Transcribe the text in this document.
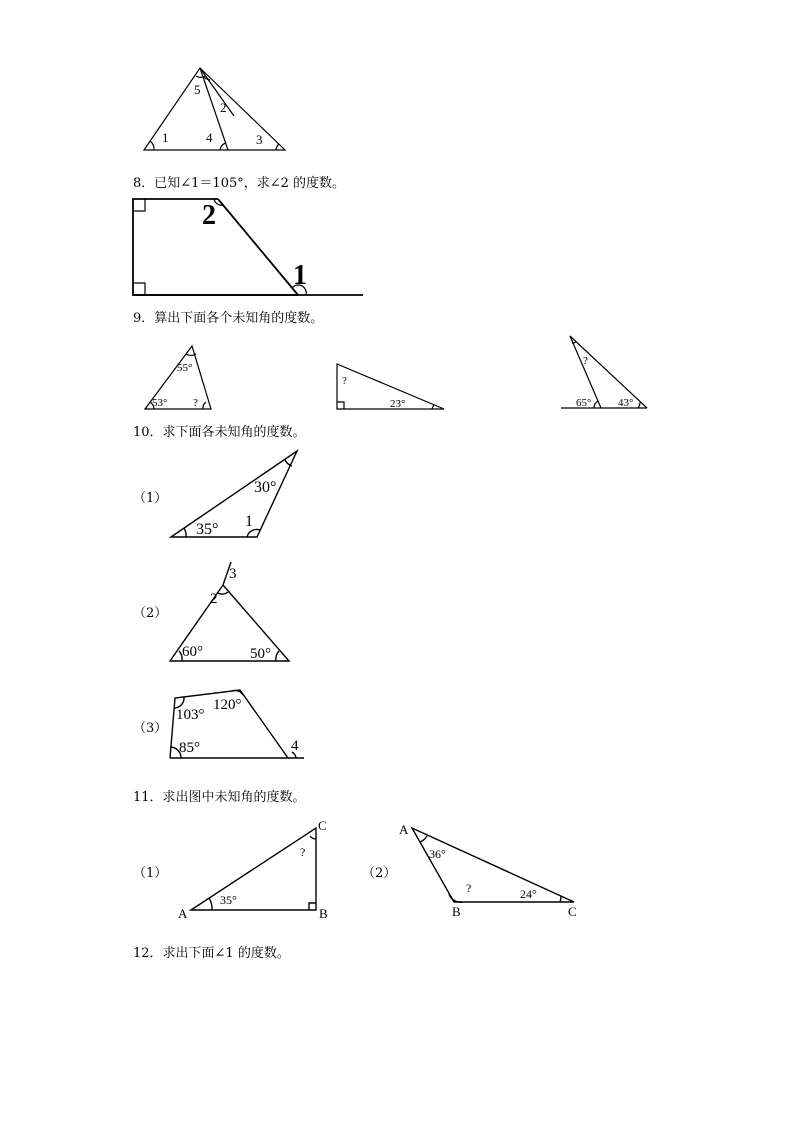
5
2
1	4	3
8．已知∠1＝105°，求∠2 的度数。
2
1
9．算出下面各个未知角的度数。
55°
53° ?
?
23°
?
65° 43°
10．求下面各未知角的度数。
（1）
30°
35° 1
（2）
3
2
60°	50°
（3）
103°
120°
85°	4
11．求出图中未知角的度数。
（1）
A	B
C
?
35°
（2）
A
B	C
36°
?	24°
12．求出下面∠1 的度数。
